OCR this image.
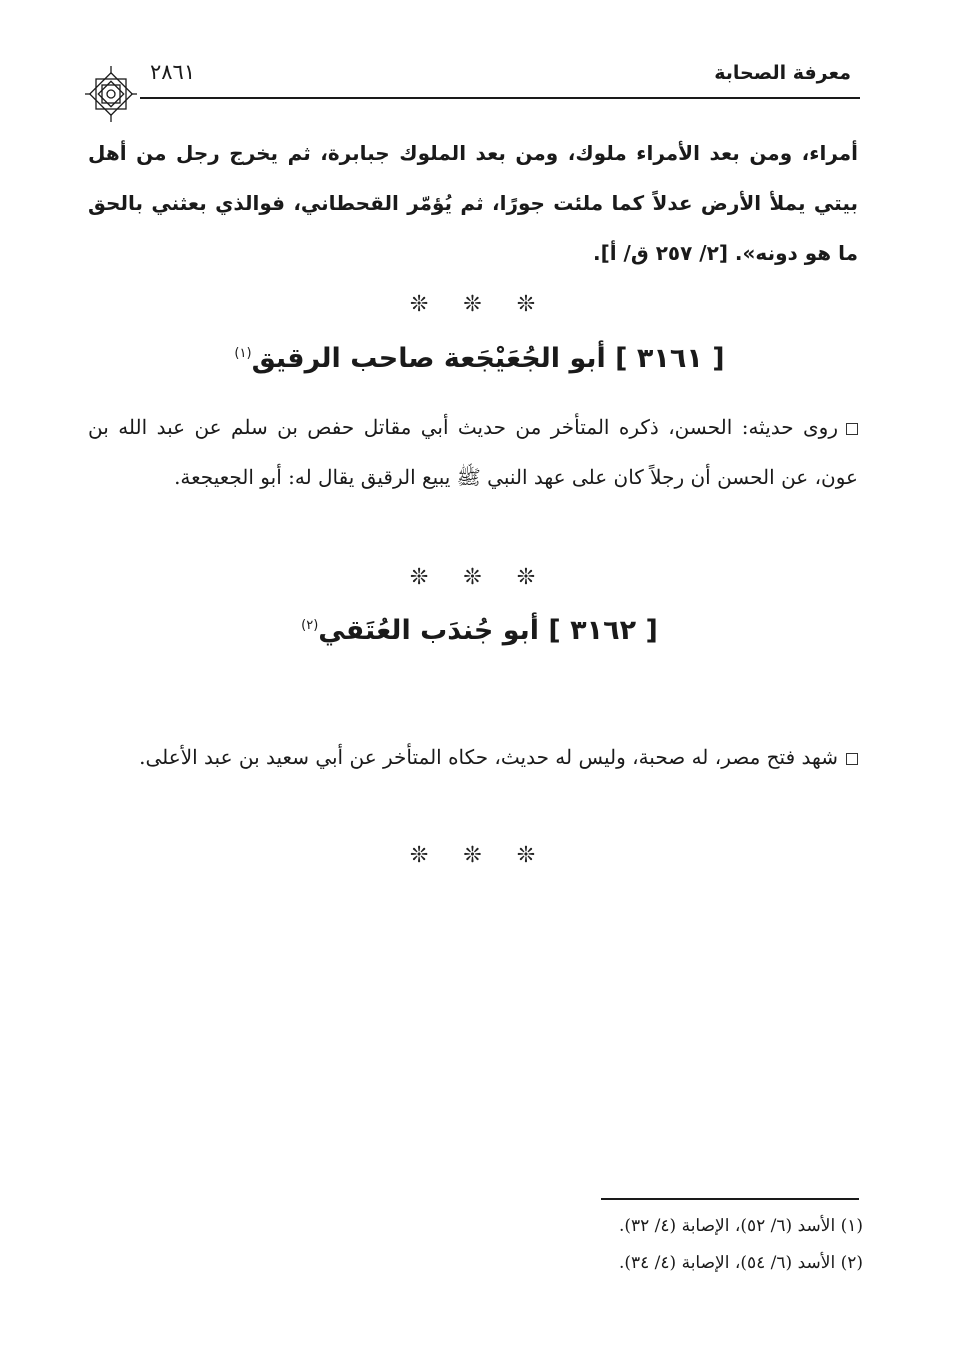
معرفة الصحابة
٢٨٦١
أمراء، ومن بعد الأمراء ملوك، ومن بعد الملوك جبابرة، ثم يخرج رجل من أهل بيتي يملأ الأرض عدلاً كما ملئت جورًا، ثم يُؤمّر القحطاني، فوالذي بعثني بالحق ما هو دونه». [٢/ ٢٥٧ ق/ أ].
❊ ❊ ❊
[ ٣١٦١ ] أبو الجُعَيْجَعة صاحب الرقيق$^{(١)}$
روى حديثه: الحسن، ذكره المتأخر من حديث أبي مقاتل حفص بن سلم عن عبد الله بن عون، عن الحسن أن رجلاً كان على عهد النبي ﷺ يبيع الرقيق يقال له: أبو الجعيجعة.
❊ ❊ ❊
[ ٣١٦٢ ] أبو جُندَب العُتَقي$^{(٢)}$
شهد فتح مصر، له صحبة، وليس له حديث، حكاه المتأخر عن أبي سعيد بن عبد الأعلى.
❊ ❊ ❊
(١) الأسد (٦/ ٥٢)، الإصابة (٤/ ٣٢).
(٢) الأسد (٦/ ٥٤)، الإصابة (٤/ ٣٤).
